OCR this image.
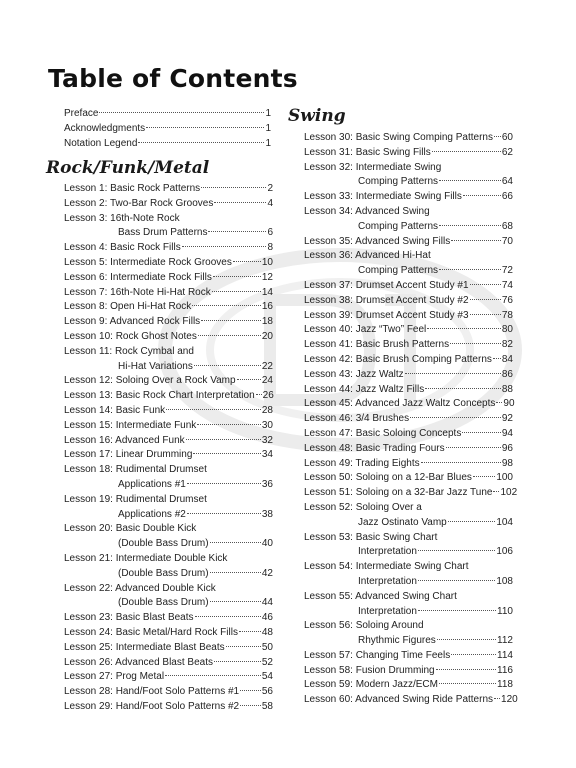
Table of Contents
Preface	1
Acknowledgments	1
Notation Legend	1
Rock/Funk/Metal
Lesson 1: Basic Rock Patterns	2
Lesson 2: Two-Bar Rock Grooves	4
Lesson 3: 16th-Note Rock
Bass Drum Patterns	6
Lesson 4: Basic Rock Fills	8
Lesson 5: Intermediate Rock Grooves	10
Lesson 6: Intermediate Rock Fills	12
Lesson 7: 16th-Note Hi-Hat Rock	14
Lesson 8: Open Hi-Hat Rock	16
Lesson 9: Advanced Rock Fills	18
Lesson 10: Rock Ghost Notes	20
Lesson 11: Rock Cymbal and
Hi-Hat Variations	22
Lesson 12: Soloing Over a Rock Vamp	24
Lesson 13: Basic Rock Chart Interpretation 26
Lesson 14: Basic Funk	28
Lesson 15: Intermediate Funk	30
Lesson 16: Advanced Funk	32
Lesson 17: Linear Drumming	34
Lesson 18: Rudimental Drumset
Applications #1	36
Lesson 19: Rudimental Drumset
Applications #2	38
Lesson 20: Basic Double Kick
(Double Bass Drum)	40
Lesson 21: Intermediate Double Kick
(Double Bass Drum)	42
Lesson 22: Advanced Double Kick
(Double Bass Drum)	44
Lesson 23: Basic Blast Beats	46
Lesson 24: Basic Metal/Hard Rock Fills 48
Lesson 25: Intermediate Blast Beats	50
Lesson 26: Advanced Blast Beats	52
Lesson 27: Prog Metal	54
Lesson 28: Hand/Foot Solo Patterns #1 56
Lesson 29: Hand/Foot Solo Patterns #2 58
Swing
Lesson 30: Basic Swing Comping Patterns 60
Lesson 31: Basic Swing Fills	62
Lesson 32: Intermediate Swing
Comping Patterns	64
Lesson 33: Intermediate Swing Fills	66
Lesson 34: Advanced Swing
Comping Patterns	68
Lesson 35: Advanced Swing Fills	70
Lesson 36: Advanced Hi-Hat
Comping Patterns	72
Lesson 37: Drumset Accent Study #1	74
Lesson 38: Drumset Accent Study #2	76
Lesson 39: Drumset Accent Study #3	78
Lesson 40: Jazz “Two” Feel	80
Lesson 41: Basic Brush Patterns	82
Lesson 42: Basic Brush Comping Patterns 84
Lesson 43: Jazz Waltz	86
Lesson 44: Jazz Waltz Fills	88
Lesson 45: Advanced Jazz Waltz Concepts 90
Lesson 46: 3/4 Brushes	92
Lesson 47: Basic Soloing Concepts	94
Lesson 48: Basic Trading Fours	96
Lesson 49: Trading Eights	98
Lesson 50: Soloing on a 12-Bar Blues 100
Lesson 51: Soloing on a 32-Bar Jazz Tune 102
Lesson 52: Soloing Over a
Jazz Ostinato Vamp	104
Lesson 53: Basic Swing Chart
Interpretation	106
Lesson 54: Intermediate Swing Chart
Interpretation	108
Lesson 55: Advanced Swing Chart
Interpretation	110
Lesson 56: Soloing Around
Rhythmic Figures	112
Lesson 57: Changing Time Feels	114
Lesson 58: Fusion Drumming	116
Lesson 59: Modern Jazz/ECM	118
Lesson 60: Advanced Swing Ride Patterns 120
